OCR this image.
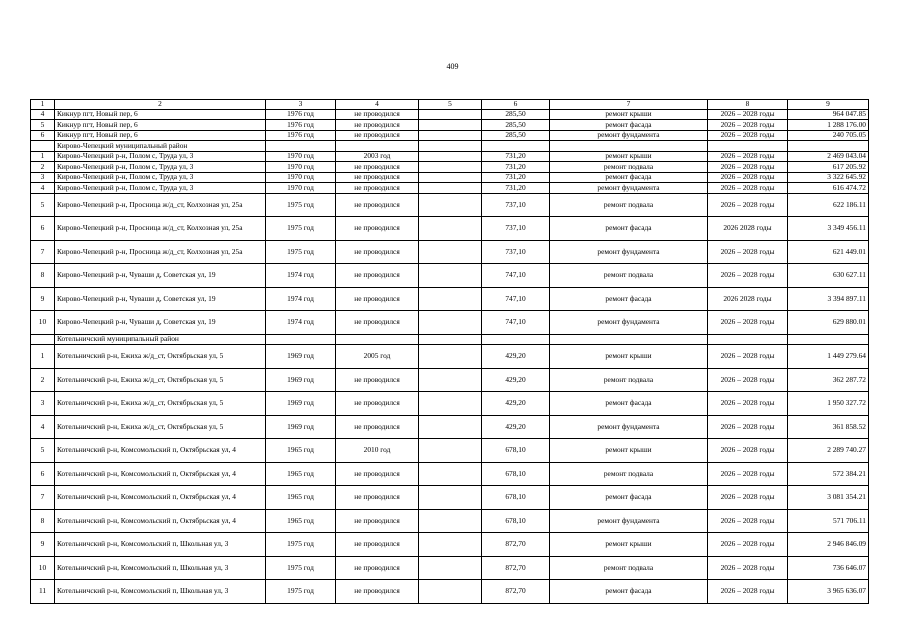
409
1	2	3	4	5	6	7	8	9
4	Кикнур пгт, Новый пер, 6	1976 год	не проводился		285,50	ремонт крыши	2026 – 2028 годы	964 047.85
5	Кикнур пгт, Новый пер, 6	1976 год	не проводился		285,50	ремонт фасада	2026 – 2028 годы	1 288 176.00
6	Кикнур пгт, Новый пер, 6	1976 год	не проводился		285,50	ремонт фундамента	2026 – 2028 годы	240 705.05
	Кирово-Чепецкий муниципальный район							
1	Кирово-Чепецкий р-н, Полом с, Труда ул, 3	1970 год	2003 год		731,20	ремонт крыши	2026 – 2028 годы	2 469 043.04
2	Кирово-Чепецкий р-н, Полом с, Труда ул, 3	1970 год	не проводился		731,20	ремонт подвала	2026 – 2028 годы	617 205.92
3	Кирово-Чепецкий р-н, Полом с, Труда ул, 3	1970 год	не проводился		731,20	ремонт фасада	2026 – 2028 годы	3 322 645.92
4	Кирово-Чепецкий р-н, Полом с, Труда ул, 3	1970 год	не проводился		731,20	ремонт фундамента	2026 – 2028 годы	616 474.72
5	Кирово-Чепецкий р-н, Просница ж/д_ст, Колхозная ул, 25а	1975 год	не проводился		737,10	ремонт подвала	2026 – 2028 годы	622 186.11
6	Кирово-Чепецкий р-н, Просница ж/д_ст, Колхозная ул, 25а	1975 год	не проводился		737,10	ремонт фасада	2026 2028 годы	3 349 456.11
7	Кирово-Чепецкий р-н, Просница ж/д_ст, Колхозная ул, 25а	1975 год	не проводился		737,10	ремонт фундамента	2026 – 2028 годы	621 449.01
8	Кирово-Чепецкий р-н, Чуваши д, Советская ул, 19	1974 год	не проводился		747,10	ремонт подвала	2026 – 2028 годы	630 627.11
9	Кирово-Чепецкий р-н, Чуваши д, Советская ул, 19	1974 год	не проводился		747,10	ремонт фасада	2026 2028 годы	3 394 897.11
10	Кирово-Чепецкий р-н, Чуваши д, Советская ул, 19	1974 год	не проводился		747,10	ремонт фундамента	2026 – 2028 годы	629 880.01
	Котельничский муниципальный район							
1	Котельничский р-н, Ежиха ж/д_ст, Октябрьская ул, 5	1969 год	2005 год		429,20	ремонт крыши	2026 – 2028 годы	1 449 279.64
2	Котельничский р-н, Ежиха ж/д_ст, Октябрьская ул, 5	1969 год	не проводился		429,20	ремонт подвала	2026 – 2028 годы	362 287.72
3	Котельничский р-н, Ежиха ж/д_ст, Октябрьская ул, 5	1969 год	не проводился		429,20	ремонт фасада	2026 – 2028 годы	1 950 327.72
4	Котельничский р-н, Ежиха ж/д_ст, Октябрьская ул, 5	1969 год	не проводился		429,20	ремонт фундамента	2026 – 2028 годы	361 858.52
5	Котельничский р-н, Комсомольский п, Октябрьская ул, 4	1965 год	2010 год		678,10	ремонт крыши	2026 – 2028 годы	2 289 740.27
6	Котельничский р-н, Комсомольский п, Октябрьская ул, 4	1965 год	не проводился		678,10	ремонт подвала	2026 – 2028 годы	572 384.21
7	Котельничский р-н, Комсомольский п, Октябрьская ул, 4	1965 год	не проводился		678,10	ремонт фасада	2026 – 2028 годы	3 081 354.21
8	Котельничский р-н, Комсомольский п, Октябрьская ул, 4	1965 год	не проводился		678,10	ремонт фундамента	2026 – 2028 годы	571 706.11
9	Котельничский р-н, Комсомольский п, Школьная ул, 3	1975 год	не проводился		872,70	ремонт крыши	2026 – 2028 годы	2 946 846.09
10	Котельничский р-н, Комсомольский п, Школьная ул, 3	1975 год	не проводился		872,70	ремонт подвала	2026 – 2028 годы	736 646.07
11	Котельничский р-н, Комсомольский п, Школьная ул, 3	1975 год	не проводился		872,70	ремонт фасада	2026 – 2028 годы	3 965 636.07
